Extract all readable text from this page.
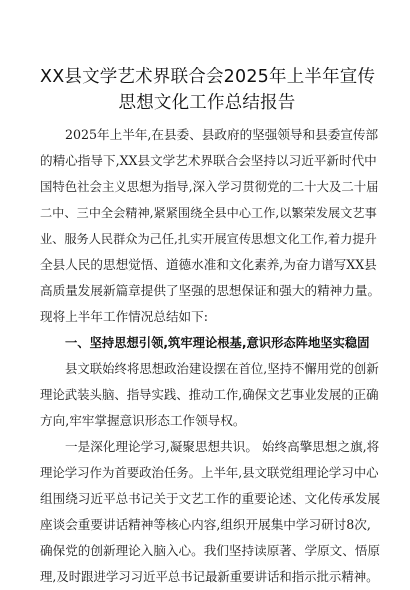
XX县文学艺术界联合会2025年上半年宣传
思想文化工作总结报告
2025年上半年,在县委、县政府的坚强领导和县委宣传部
的精心指导下,XX县文学艺术界联合会坚持以习近平新时代中
国特色社会主义思想为指导,深入学习贯彻党的二十大及二十届
二中、三中全会精神,紧紧围绕全县中心工作,以繁荣发展文艺事
业、服务人民群众为己任,扎实开展宣传思想文化工作,着力提升
全县人民的思想觉悟、道德水准和文化素养,为奋力谱写XX县
高质量发展新篇章提供了坚强的思想保证和强大的精神力量。
现将上半年工作情况总结如下:
一、坚持思想引领,筑牢理论根基,意识形态阵地坚实稳固
县文联始终将思想政治建设摆在首位,坚持不懈用党的创新
理论武装头脑、指导实践、推动工作,确保文艺事业发展的正确
方向,牢牢掌握意识形态工作领导权。
一是深化理论学习,凝聚思想共识。 始终高擎思想之旗,将
理论学习作为首要政治任务。上半年,县文联党组理论学习中心
组围绕习近平总书记关于文艺工作的重要论述、文化传承发展
座谈会重要讲话精神等核心内容,组织开展集中学习研讨8次,
确保党的创新理论入脑入心。我们坚持读原著、学原文、悟原
理,及时跟进学习习近平总书记最新重要讲话和指示批示精神。
